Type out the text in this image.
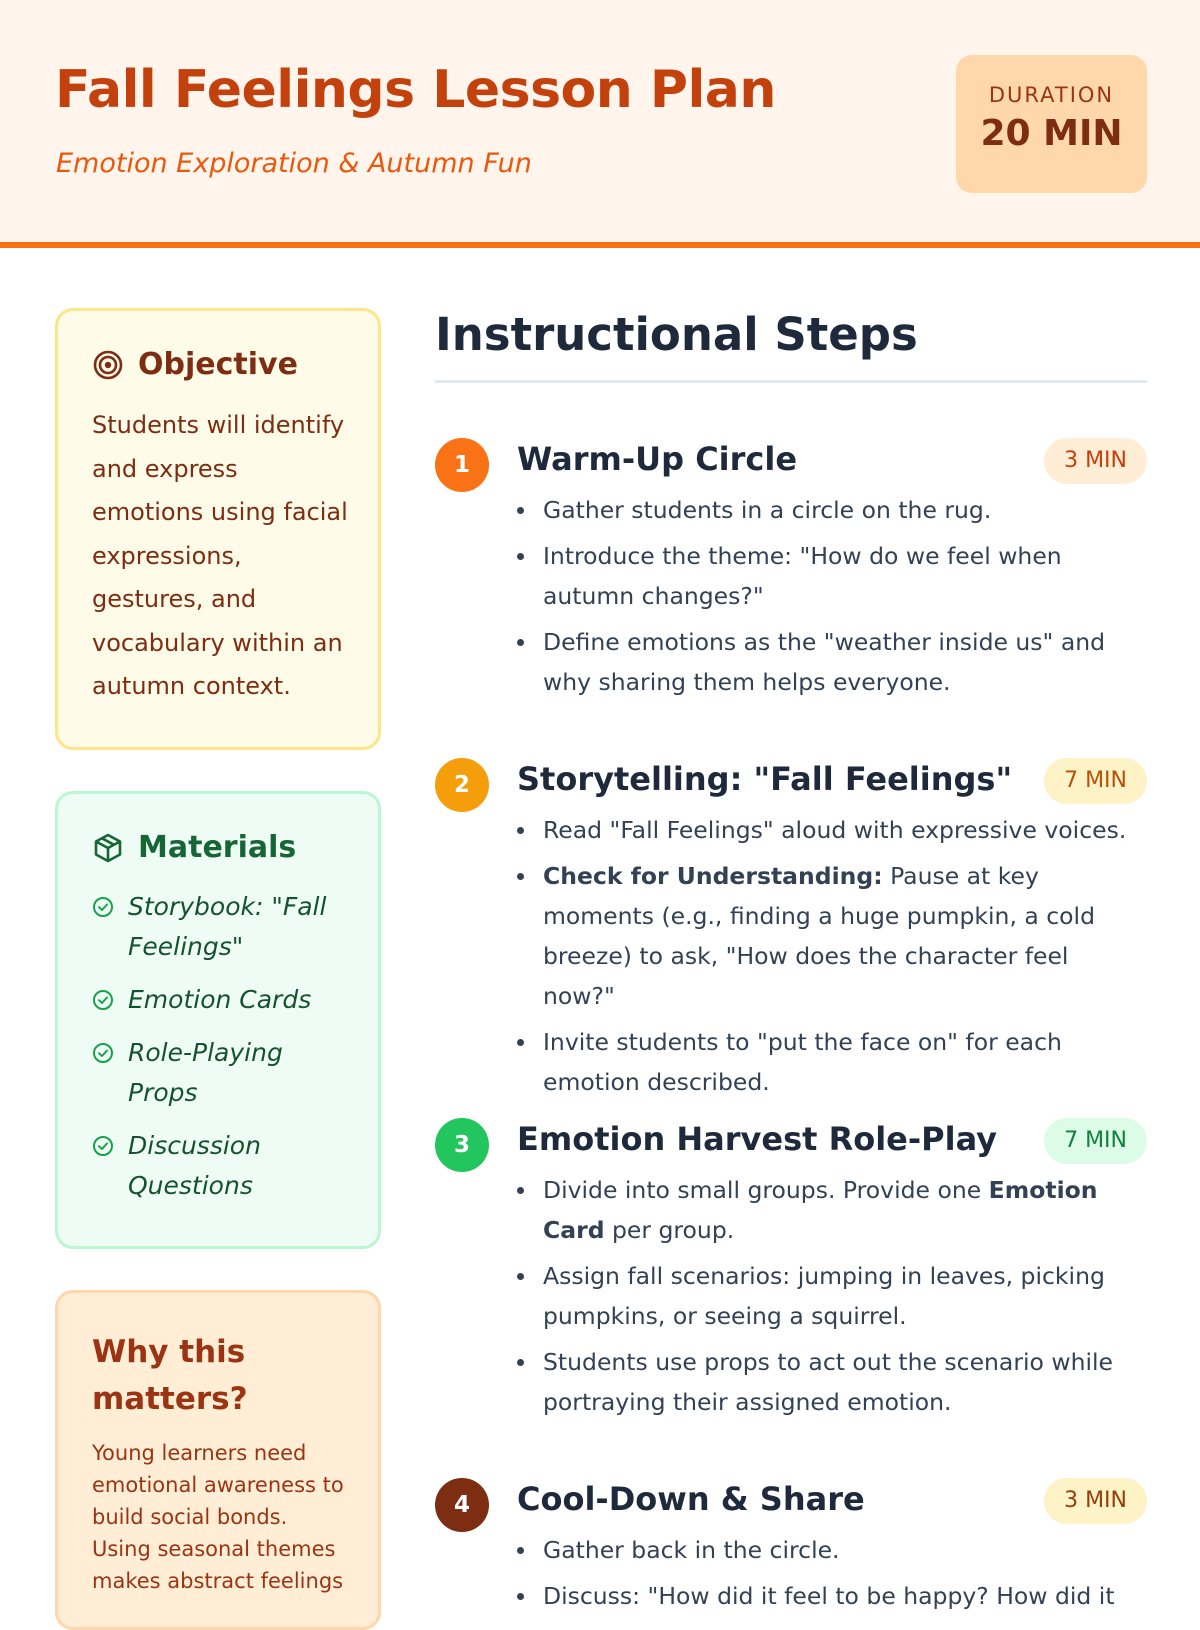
Fall Feelings Lesson Plan
Emotion Exploration & Autumn Fun
DURATION
20 MIN
Objective

Students will identify and express emotions using facial expressions, gestures, and vocabulary within an autumn context.

Materials
Storybook: "Fall Feelings"
Emotion Cards
Role-Playing Props
Discussion Questions
Why this matters?

Young learners need emotional awareness to build social bonds. Using seasonal themes makes abstract feelings

Instructional Steps
1	Warm-Up Circle	3 MIN
Gather students in a circle on the rug.
Introduce the theme: "How do we feel when autumn changes?"
Define emotions as the "weather inside us" and why sharing them helps everyone.
2	Storytelling: "Fall Feelings"	7 MIN
Read "Fall Feelings" aloud with expressive voices.
Check for Understanding: Pause at key moments (e.g., finding a huge pumpkin, a cold breeze) to ask, "How does the character feel now?"
Invite students to "put the face on" for each emotion described.
3	Emotion Harvest Role-Play	7 MIN
Divide into small groups. Provide one Emotion Card per group.
Assign fall scenarios: jumping in leaves, picking pumpkins, or seeing a squirrel.
Students use props to act out the scenario while portraying their assigned emotion.
4	Cool-Down & Share	3 MIN
Gather back in the circle.
Discuss: "How did it feel to be happy? How did it
